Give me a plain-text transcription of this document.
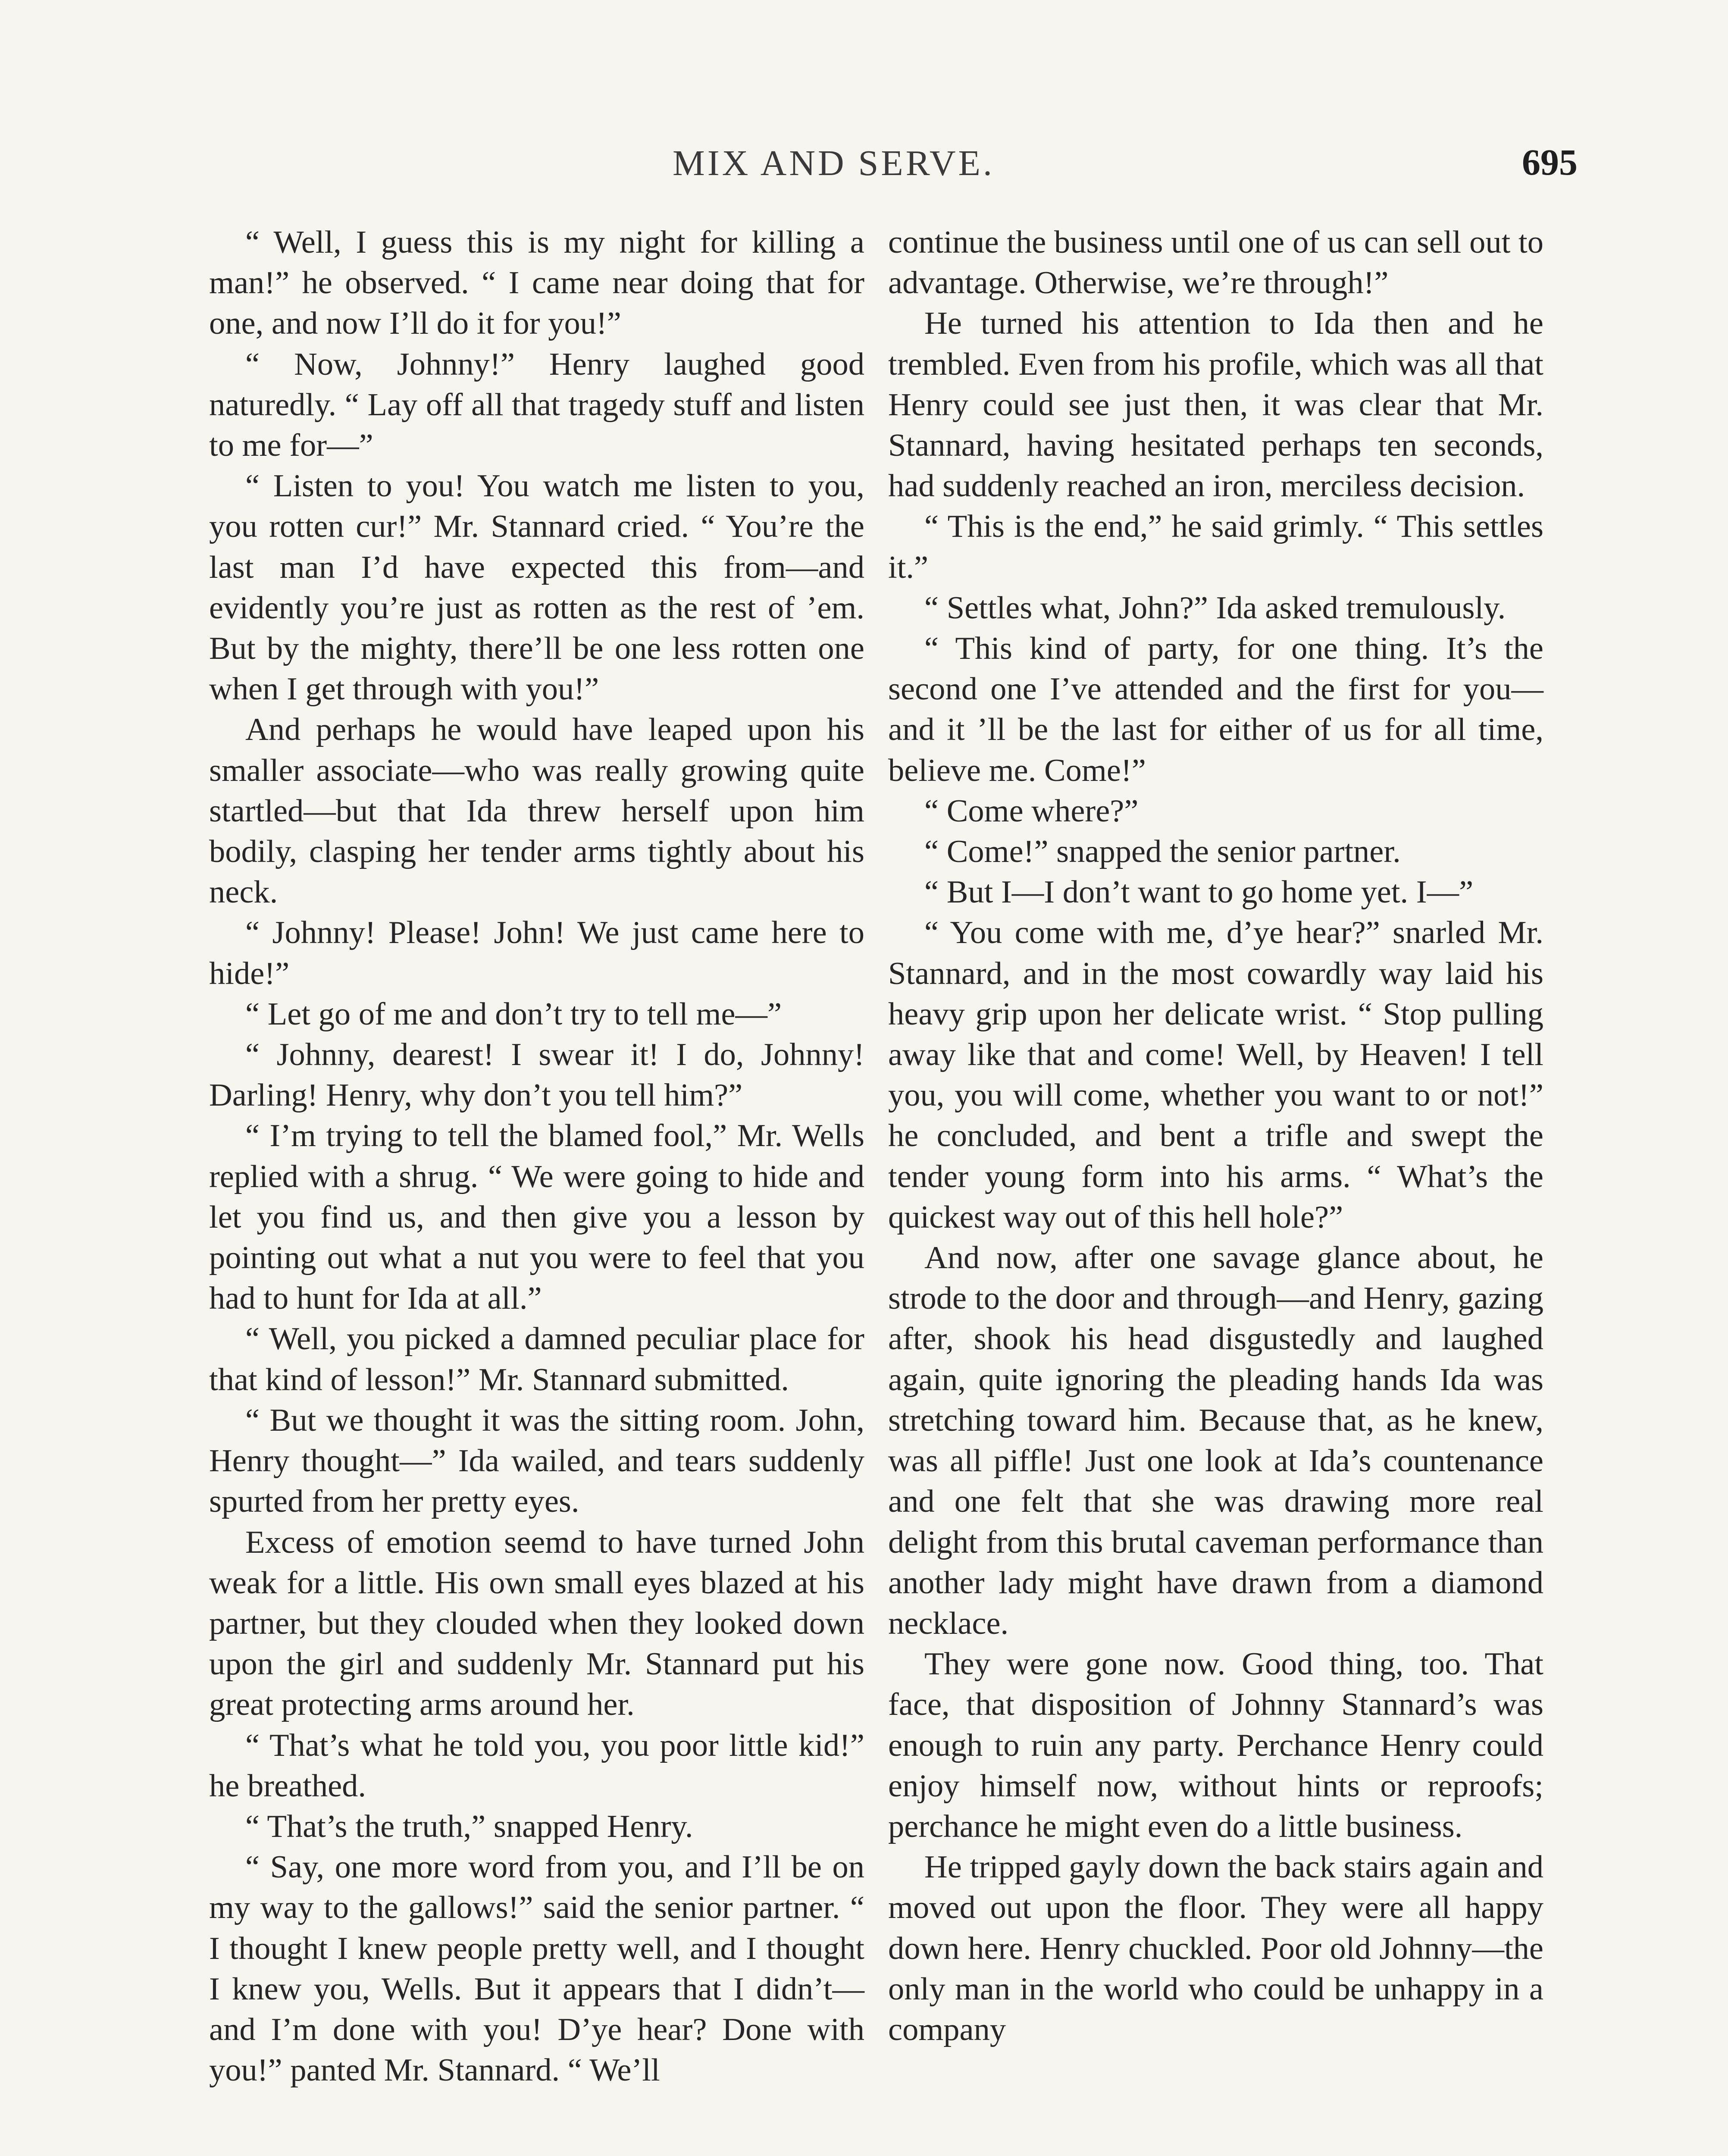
MIX AND SERVE.	695

“ Well, I guess this is my night for killing a man!” he observed. “ I came near doing that for one, and now I’ll do it for you!”

“ Now, Johnny!” Henry laughed good naturedly. “ Lay off all that tragedy stuff and listen to me for—”

“ Listen to you! You watch me listen to you, you rotten cur!” Mr. Stannard cried. “ You’re the last man I’d have expected this from—and evidently you’re just as rotten as the rest of ’em. But by the mighty, there’ll be one less rotten one when I get through with you!”

And perhaps he would have leaped upon his smaller associate—who was really growing quite startled—but that Ida threw herself upon him bodily, clasping her tender arms tightly about his neck.

“ Johnny! Please! John! We just came here to hide!”

“ Let go of me and don’t try to tell me—”

“ Johnny, dearest! I swear it! I do, Johnny! Darling! Henry, why don’t you tell him?”

“ I’m trying to tell the blamed fool,” Mr. Wells replied with a shrug. “ We were going to hide and let you find us, and then give you a lesson by pointing out what a nut you were to feel that you had to hunt for Ida at all.”

“ Well, you picked a damned peculiar place for that kind of lesson!” Mr. Stannard submitted.

“ But we thought it was the sitting room. John, Henry thought—” Ida wailed, and tears suddenly spurted from her pretty eyes.

Excess of emotion seemd to have turned John weak for a little. His own small eyes blazed at his partner, but they clouded when they looked down upon the girl and suddenly Mr. Stannard put his great protecting arms around her.

“ That’s what he told you, you poor little kid!” he breathed.

“ That’s the truth,” snapped Henry.

“ Say, one more word from you, and I’ll be on my way to the gallows!” said the senior partner. “ I thought I knew people pretty well, and I thought I knew you, Wells. But it appears that I didn’t—and I’m done with you! D’ye hear? Done with you!” panted Mr. Stannard. “ We’ll

continue the business until one of us can sell out to advantage. Otherwise, we’re through!”

He turned his attention to Ida then and he trembled. Even from his profile, which was all that Henry could see just then, it was clear that Mr. Stannard, having hesitated perhaps ten seconds, had suddenly reached an iron, merciless decision.

“ This is the end,” he said grimly. “ This settles it.”

“ Settles what, John?” Ida asked tremulously.

“ This kind of party, for one thing. It’s the second one I’ve attended and the first for you—and it ’ll be the last for either of us for all time, believe me. Come!”

“ Come where?”

“ Come!” snapped the senior partner.

“ But I—I don’t want to go home yet. I—”

“ You come with me, d’ye hear?” snarled Mr. Stannard, and in the most cowardly way laid his heavy grip upon her delicate wrist. “ Stop pulling away like that and come! Well, by Heaven! I tell you, you will come, whether you want to or not!” he concluded, and bent a trifle and swept the tender young form into his arms. “ What’s the quickest way out of this hell hole?”

And now, after one savage glance about, he strode to the door and through—and Henry, gazing after, shook his head disgustedly and laughed again, quite ignoring the pleading hands Ida was stretching toward him. Because that, as he knew, was all piffle! Just one look at Ida’s countenance and one felt that she was drawing more real delight from this brutal caveman performance than another lady might have drawn from a diamond necklace.

They were gone now. Good thing, too. That face, that disposition of Johnny Stannard’s was enough to ruin any party. Perchance Henry could enjoy himself now, without hints or reproofs; perchance he might even do a little business.

He tripped gayly down the back stairs again and moved out upon the floor. They were all happy down here. Henry chuckled. Poor old Johnny—the only man in the world who could be unhappy in a company
